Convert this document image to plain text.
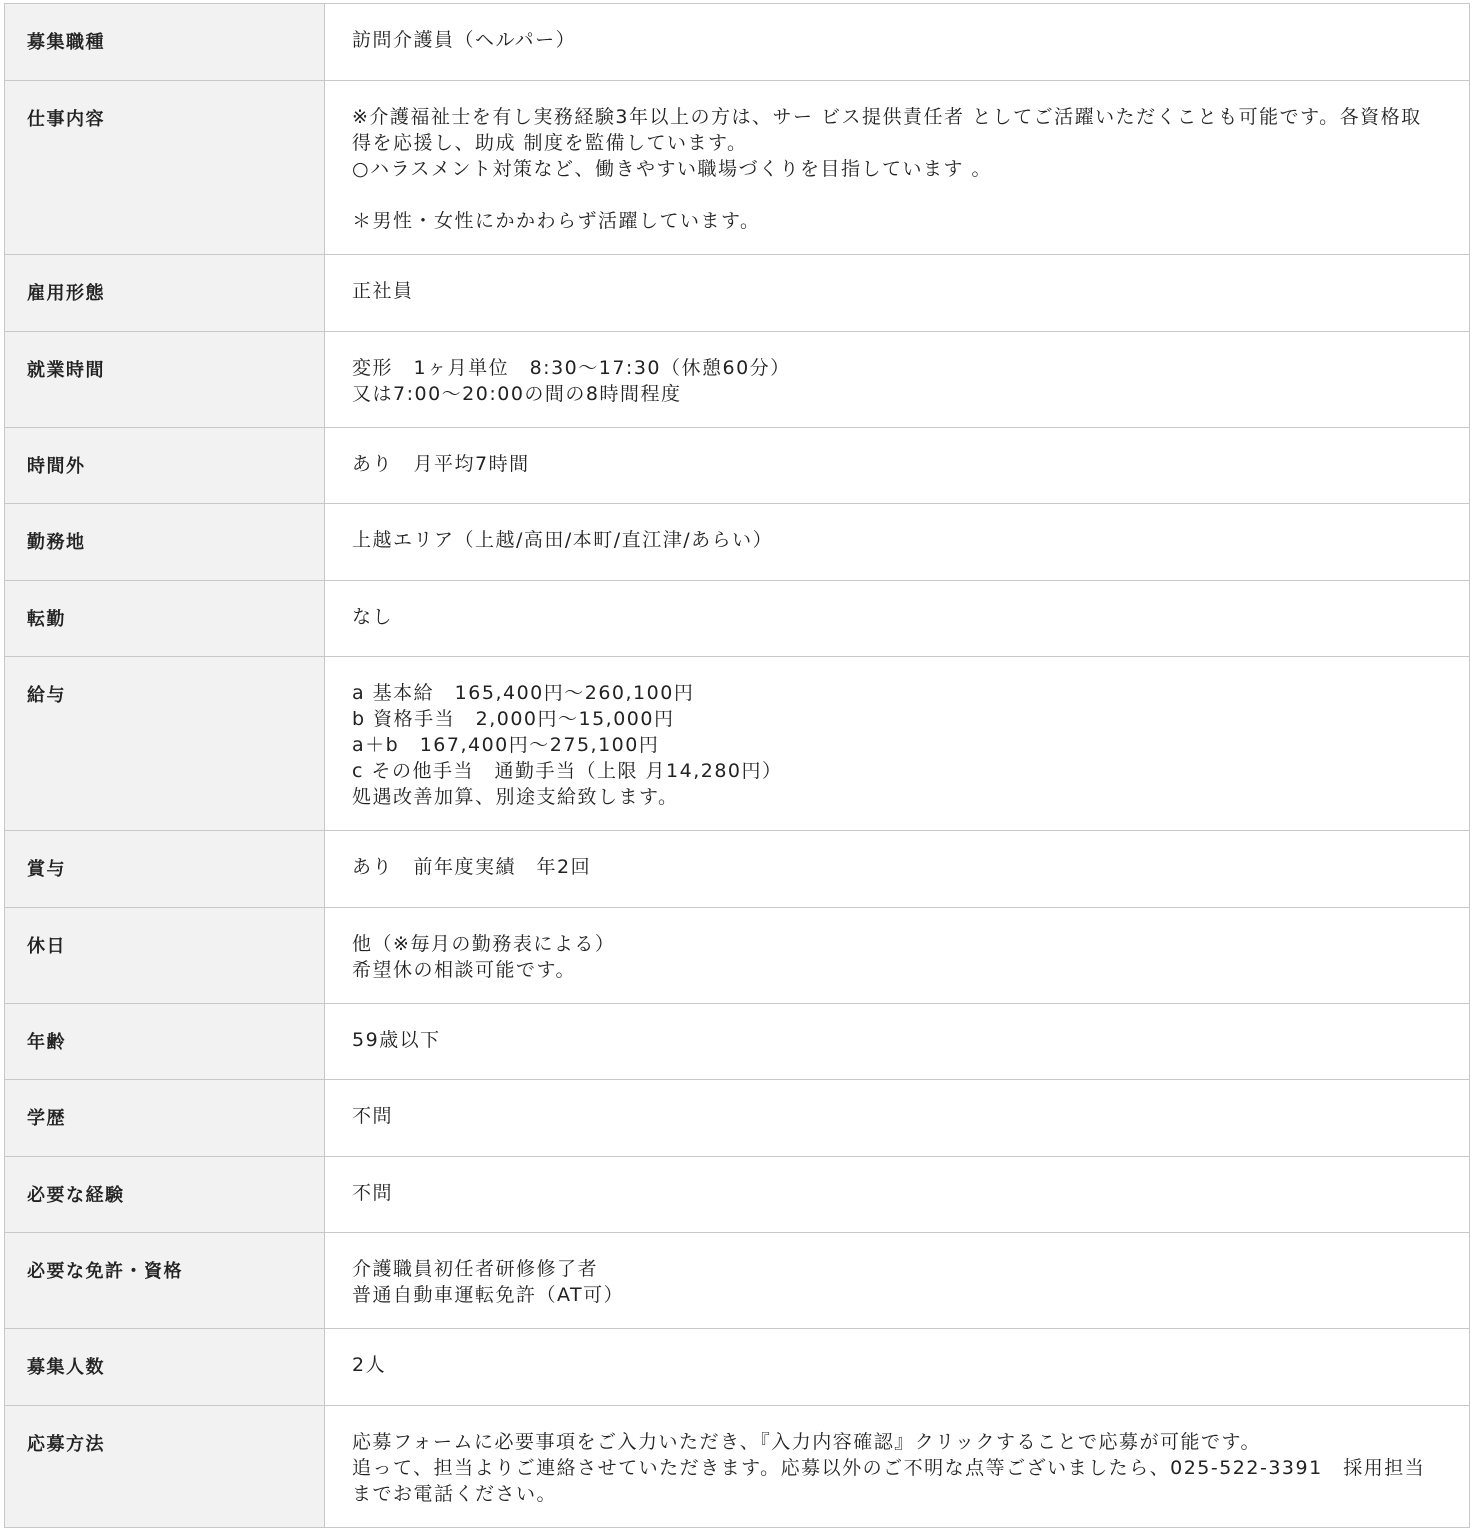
募集職種	訪問介護員（ヘルパー）
仕事内容	※介護福祉士を有し実務経験3年以上の方は、サー ビス提供責任者 としてご活躍いただくことも可能です。各資格取得を応援し、助成 制度を監備しています。
○ハラスメント対策など、働きやすい職場づくりを目指しています 。

＊男性・女性にかかわらず活躍しています。
雇用形態	正社員
就業時間	変形　1ヶ月単位　8:30〜17:30（休憩60分）
又は7:00〜20:00の間の8時間程度
時間外	あり　月平均7時間
勤務地	上越エリア（上越/高田/本町/直江津/あらい）
転勤	なし
給与	a 基本給　165,400円〜260,100円
b 資格手当　2,000円〜15,000円
a＋b　167,400円〜275,100円
c その他手当　通勤手当（上限 月14,280円）
処遇改善加算、別途支給致します。
賞与	あり　前年度実績　年2回
休日	他（※毎月の勤務表による）
希望休の相談可能です。
年齢	59歳以下
学歴	不問
必要な経験	不問
必要な免許・資格	介護職員初任者研修修了者
普通自動車運転免許（AT可）
募集人数	2人
応募方法	応募フォームに必要事項をご入力いただき、『入力内容確認』クリックすることで応募が可能です。
追って、担当よりご連絡させていただきます。応募以外のご不明な点等ございましたら、025-522-3391　採用担当までお電話ください。
